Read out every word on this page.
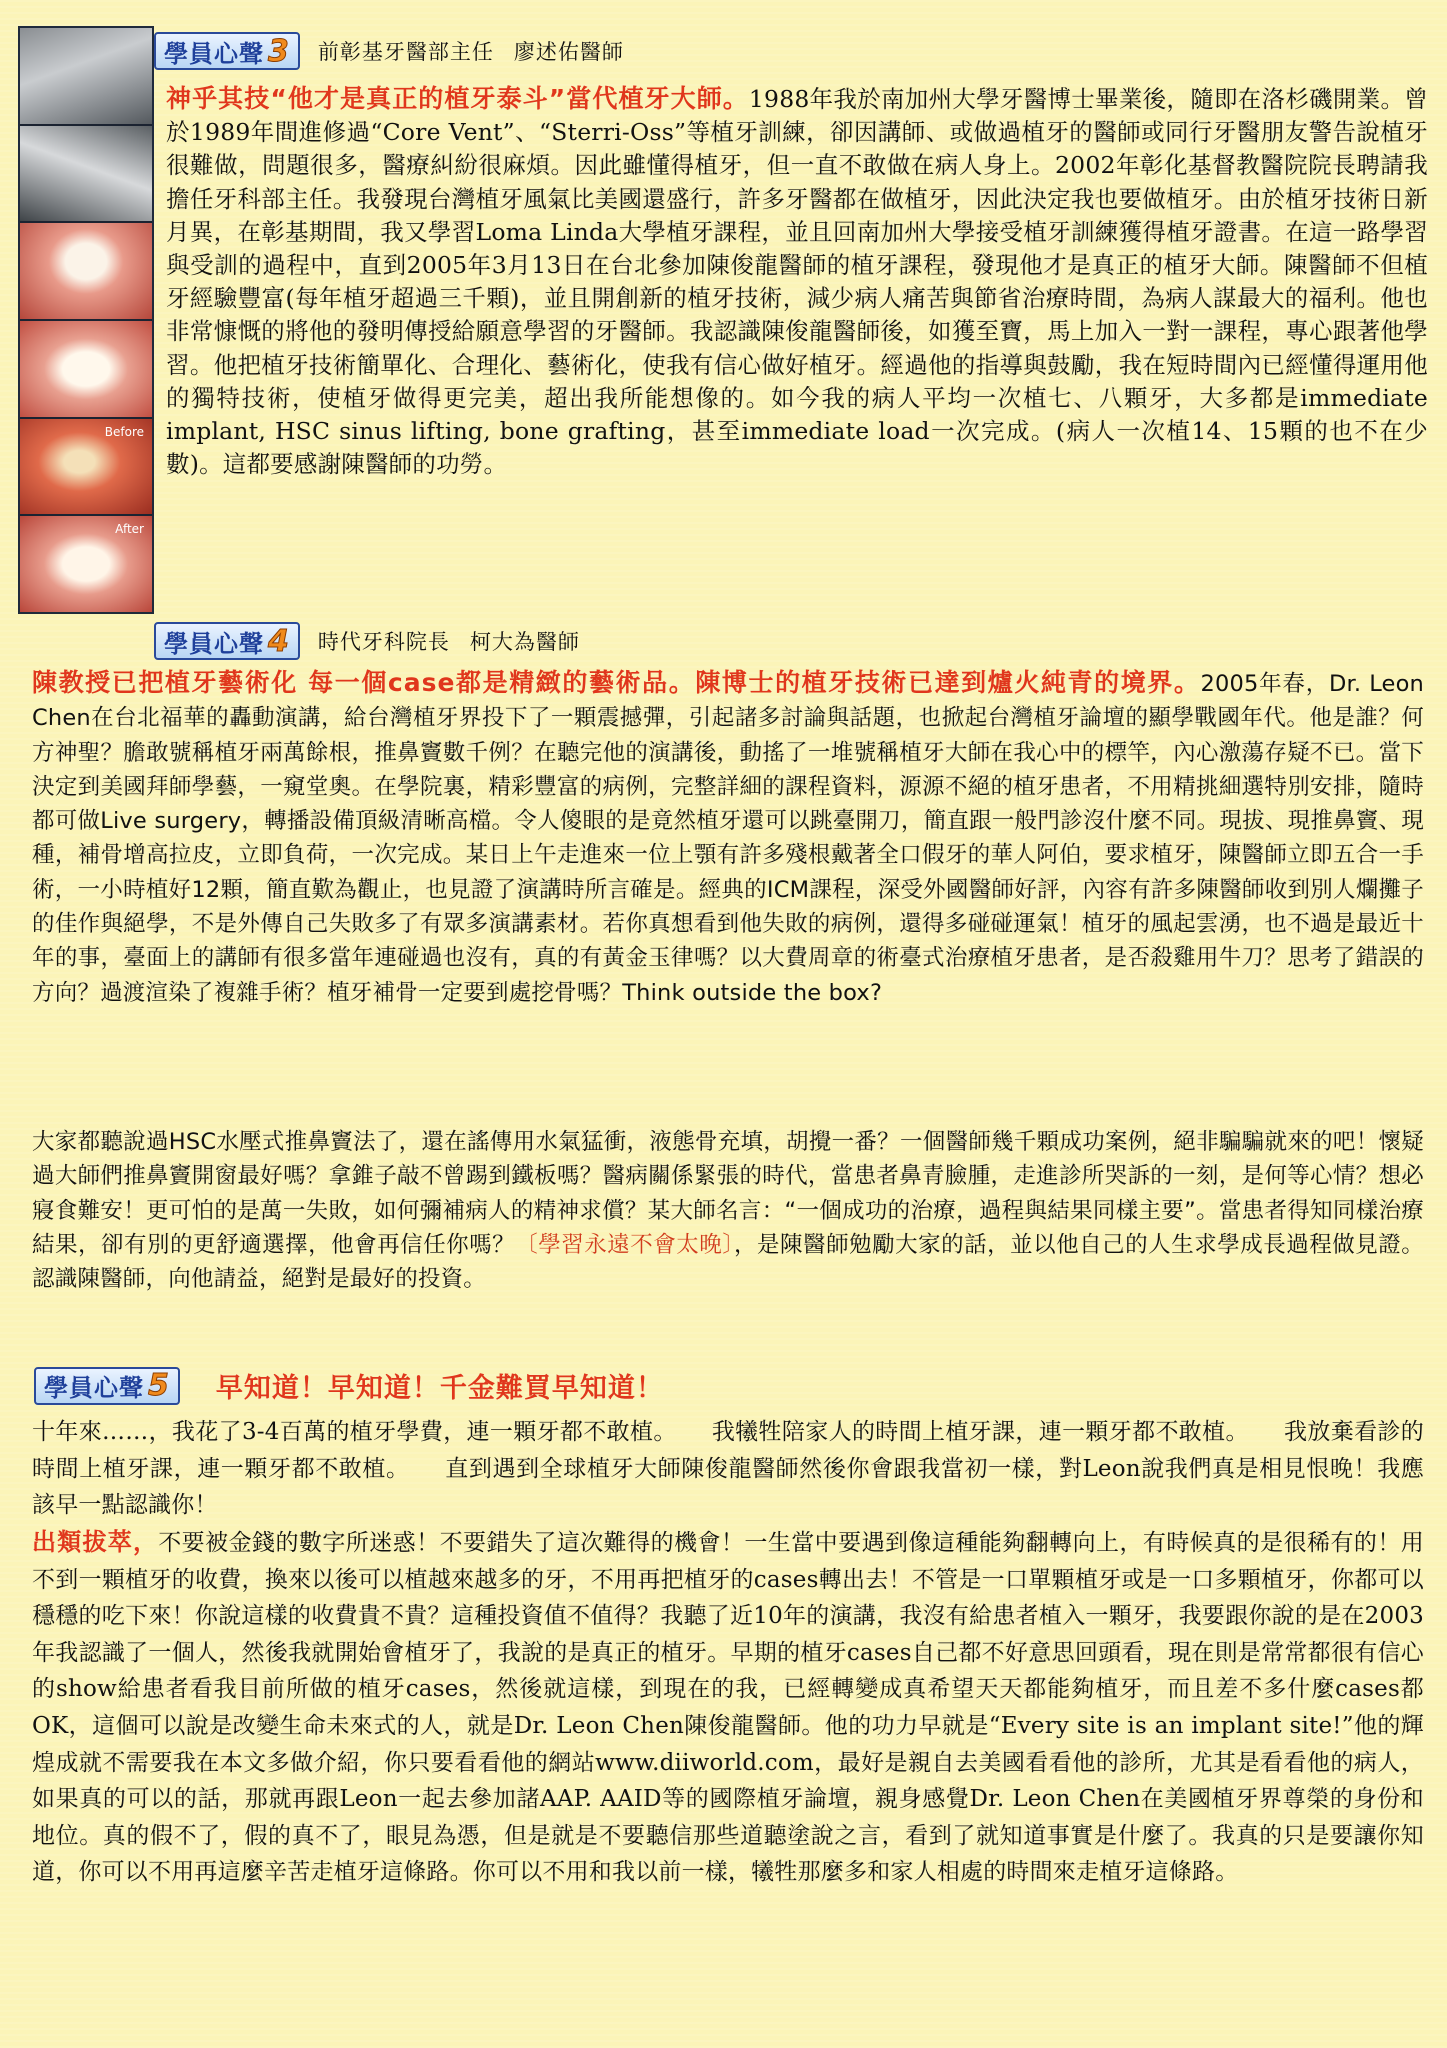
Before
After
學員心聲 3 前彰基牙醫部主任 廖述佑醫師
神乎其技“他才是真正的植牙泰斗”當代植牙大師。1988年我於南加州大學牙醫博士畢業後，隨即在洛杉磯開業。曾於1989年間進修過“Core Vent”、“Sterri-Oss”等植牙訓練，卻因講師、或做過植牙的醫師或同行牙醫朋友警告說植牙很難做，問題很多，醫療糾紛很麻煩。因此雖懂得植牙，但一直不敢做在病人身上。2002年彰化基督教醫院院長聘請我擔任牙科部主任。我發現台灣植牙風氣比美國還盛行，許多牙醫都在做植牙，因此決定我也要做植牙。由於植牙技術日新月異，在彰基期間，我又學習Loma Linda大學植牙課程，並且回南加州大學接受植牙訓練獲得植牙證書。在這一路學習與受訓的過程中，直到2005年3月13日在台北參加陳俊龍醫師的植牙課程，發現他才是真正的植牙大師。陳醫師不但植牙經驗豐富(每年植牙超過三千顆)，並且開創新的植牙技術，減少病人痛苦與節省治療時間，為病人謀最大的福利。他也非常慷慨的將他的發明傳授給願意學習的牙醫師。我認識陳俊龍醫師後，如獲至寶，馬上加入一對一課程，專心跟著他學習。他把植牙技術簡單化、合理化、藝術化，使我有信心做好植牙。經過他的指導與鼓勵，我在短時間內已經懂得運用他的獨特技術，使植牙做得更完美，超出我所能想像的。如今我的病人平均一次植七、八顆牙，大多都是immediate implant, HSC sinus lifting, bone grafting，甚至immediate load一次完成。(病人一次植14、15顆的也不在少數)。這都要感謝陳醫師的功勞。
學員心聲 4 時代牙科院長 柯大為醫師
陳教授已把植牙藝術化 每一個case都是精緻的藝術品。陳博士的植牙技術已達到爐火純青的境界。2005年春，Dr. Leon Chen在台北福華的轟動演講，給台灣植牙界投下了一顆震撼彈，引起諸多討論與話題，也掀起台灣植牙論壇的顯學戰國年代。他是誰？何方神聖？膽敢號稱植牙兩萬餘根，推鼻竇數千例？在聽完他的演講後，動搖了一堆號稱植牙大師在我心中的標竿，內心激蕩存疑不已。當下決定到美國拜師學藝，一窺堂奧。在學院裏，精彩豐富的病例，完整詳細的課程資料，源源不絕的植牙患者，不用精挑細選特別安排，隨時都可做Live surgery，轉播設備頂級清晰高檔。令人傻眼的是竟然植牙還可以跳臺開刀，簡直跟一般門診沒什麼不同。現拔、現推鼻竇、現種，補骨增高拉皮，立即負荷，一次完成。某日上午走進來一位上顎有許多殘根戴著全口假牙的華人阿伯，要求植牙，陳醫師立即五合一手術，一小時植好12顆，簡直歎為觀止，也見證了演講時所言確是。經典的ICM課程，深受外國醫師好評，內容有許多陳醫師收到別人爛攤子的佳作與絕學，不是外傳自己失敗多了有眾多演講素材。若你真想看到他失敗的病例，還得多碰碰運氣！植牙的風起雲湧，也不過是最近十年的事，臺面上的講師有很多當年連碰過也沒有，真的有黃金玉律嗎？以大費周章的術臺式治療植牙患者，是否殺雞用牛刀？思考了錯誤的方向？過渡渲染了複雜手術？植牙補骨一定要到處挖骨嗎？Think outside the box?
大家都聽說過HSC水壓式推鼻竇法了，還在謠傳用水氣猛衝，液態骨充填，胡攪一番？一個醫師幾千顆成功案例，絕非騙騙就來的吧！懷疑過大師們推鼻竇開窗最好嗎？拿錐子敲不曾踢到鐵板嗎？醫病關係緊張的時代，當患者鼻青臉腫，走進診所哭訴的一刻，是何等心情？想必寢食難安！更可怕的是萬一失敗，如何彌補病人的精神求償？某大師名言：“一個成功的治療，過程與結果同樣主要”。當患者得知同樣治療結果，卻有別的更舒適選擇，他會再信任你嗎？〔學習永遠不會太晚〕，是陳醫師勉勵大家的話，並以他自己的人生求學成長過程做見證。認識陳醫師，向他請益，絕對是最好的投資。
學員心聲 5 早知道！早知道！千金難買早知道！
十年來……，我花了3-4百萬的植牙學費，連一顆牙都不敢植。　　我犧牲陪家人的時間上植牙課，連一顆牙都不敢植。　　我放棄看診的時間上植牙課，連一顆牙都不敢植。　　直到遇到全球植牙大師陳俊龍醫師然後你會跟我當初一樣，對Leon說我們真是相見恨晚！我應該早一點認識你！
出類拔萃，不要被金錢的數字所迷惑！不要錯失了這次難得的機會！一生當中要遇到像這種能夠翻轉向上，有時候真的是很稀有的！用不到一顆植牙的收費，換來以後可以植越來越多的牙，不用再把植牙的cases轉出去！不管是一口單顆植牙或是一口多顆植牙，你都可以穩穩的吃下來！你說這樣的收費貴不貴？這種投資值不值得？我聽了近10年的演講，我沒有給患者植入一顆牙，我要跟你說的是在2003年我認識了一個人，然後我就開始會植牙了，我說的是真正的植牙。早期的植牙cases自己都不好意思回頭看，現在則是常常都很有信心的show給患者看我目前所做的植牙cases，然後就這樣，到現在的我，已經轉變成真希望天天都能夠植牙，而且差不多什麼cases都OK，這個可以說是改變生命未來式的人，就是Dr. Leon Chen陳俊龍醫師。他的功力早就是“Every site is an implant site!”他的輝煌成就不需要我在本文多做介紹，你只要看看他的網站www.diiworld.com，最好是親自去美國看看他的診所，尤其是看看他的病人，如果真的可以的話，那就再跟Leon一起去參加諸AAP. AAID等的國際植牙論壇，親身感覺Dr. Leon Chen在美國植牙界尊榮的身份和地位。真的假不了，假的真不了，眼見為憑，但是就是不要聽信那些道聽塗說之言，看到了就知道事實是什麼了。我真的只是要讓你知道，你可以不用再這麼辛苦走植牙這條路。你可以不用和我以前一樣，犧牲那麼多和家人相處的時間來走植牙這條路。
